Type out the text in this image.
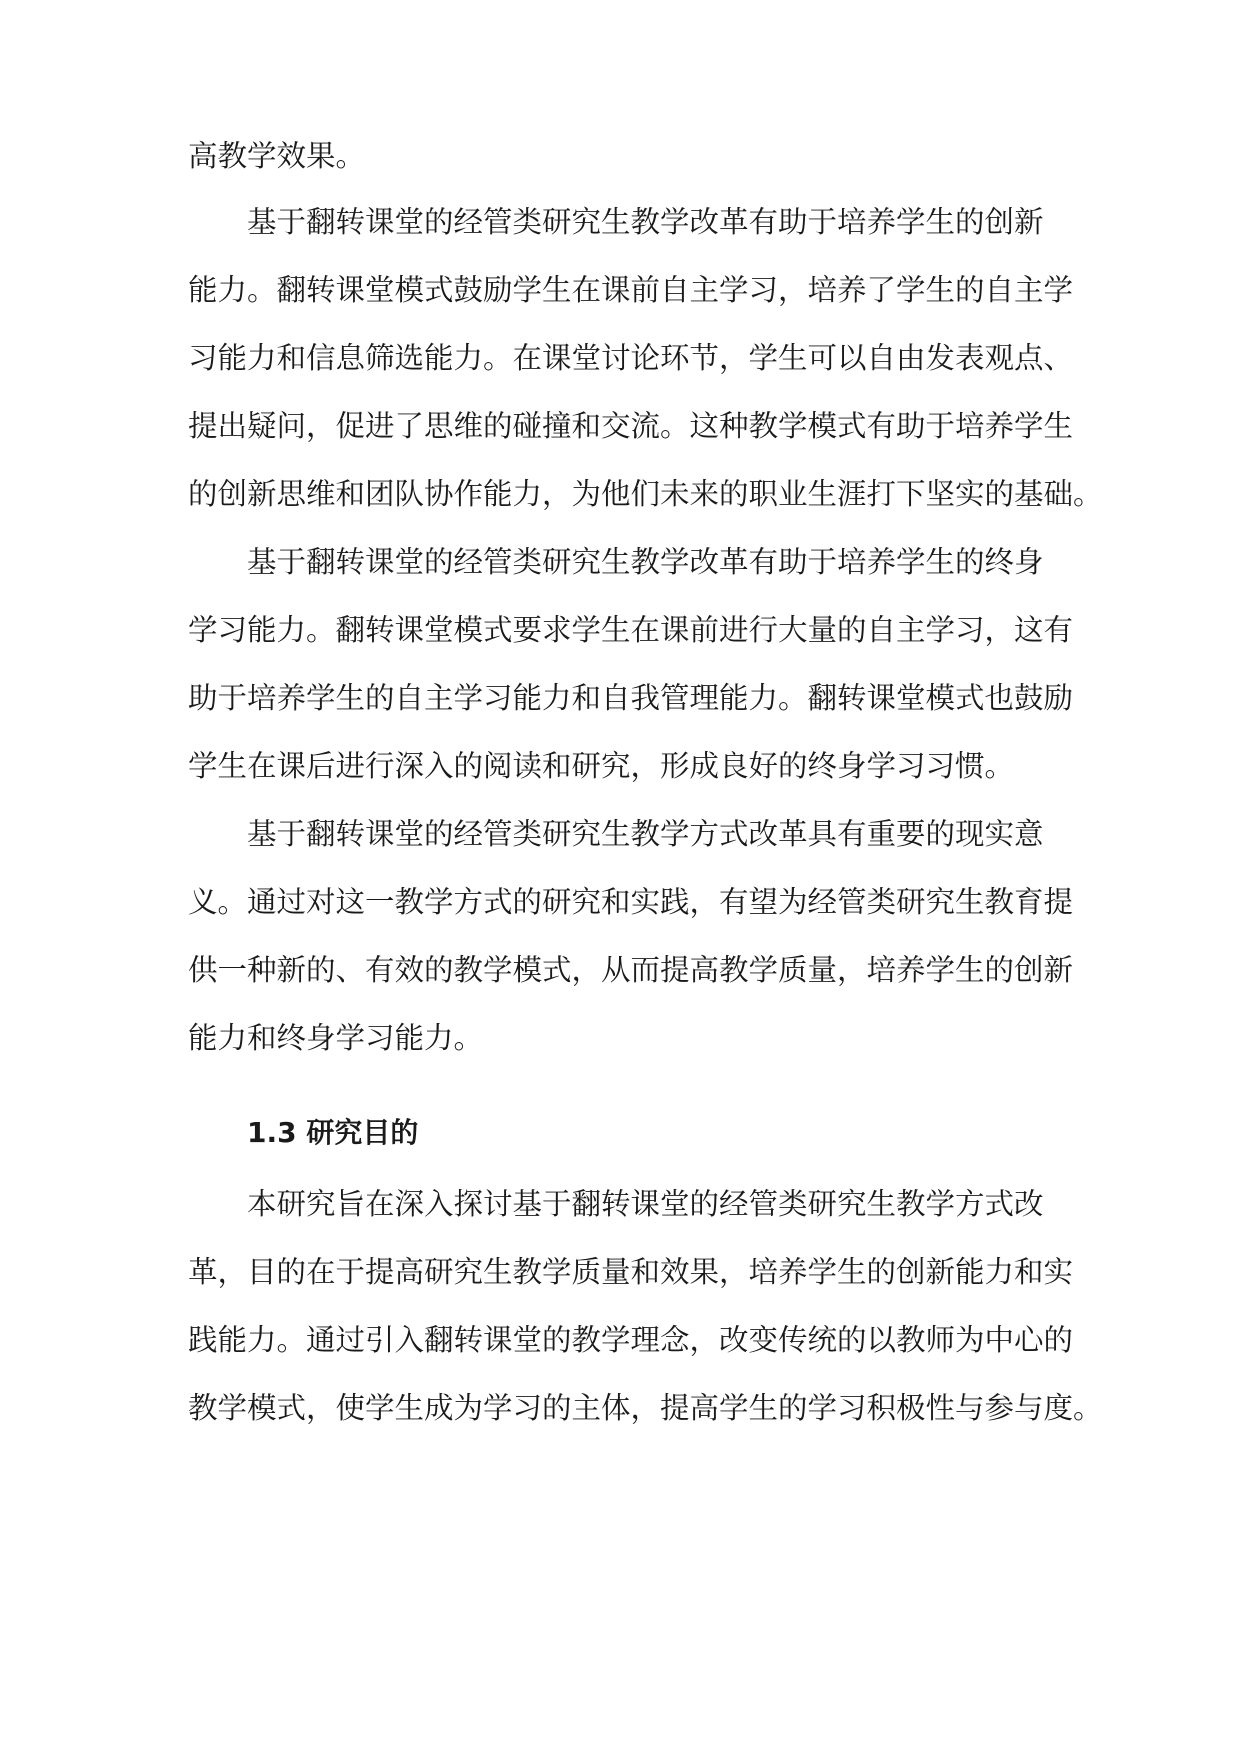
高教学效果。
基于翻转课堂的经管类研究生教学改革有助于培养学生的创新
能力。翻转课堂模式鼓励学生在课前自主学习，培养了学生的自主学
习能力和信息筛选能力。在课堂讨论环节，学生可以自由发表观点、
提出疑问，促进了思维的碰撞和交流。这种教学模式有助于培养学生
的创新思维和团队协作能力，为他们未来的职业生涯打下坚实的基础。
基于翻转课堂的经管类研究生教学改革有助于培养学生的终身
学习能力。翻转课堂模式要求学生在课前进行大量的自主学习，这有
助于培养学生的自主学习能力和自我管理能力。翻转课堂模式也鼓励
学生在课后进行深入的阅读和研究，形成良好的终身学习习惯。
基于翻转课堂的经管类研究生教学方式改革具有重要的现实意
义。通过对这一教学方式的研究和实践，有望为经管类研究生教育提
供一种新的、有效的教学模式，从而提高教学质量，培养学生的创新
能力和终身学习能力。
1.3 研究目的
本研究旨在深入探讨基于翻转课堂的经管类研究生教学方式改
革，目的在于提高研究生教学质量和效果，培养学生的创新能力和实
践能力。通过引入翻转课堂的教学理念，改变传统的以教师为中心的
教学模式，使学生成为学习的主体，提高学生的学习积极性与参与度。
